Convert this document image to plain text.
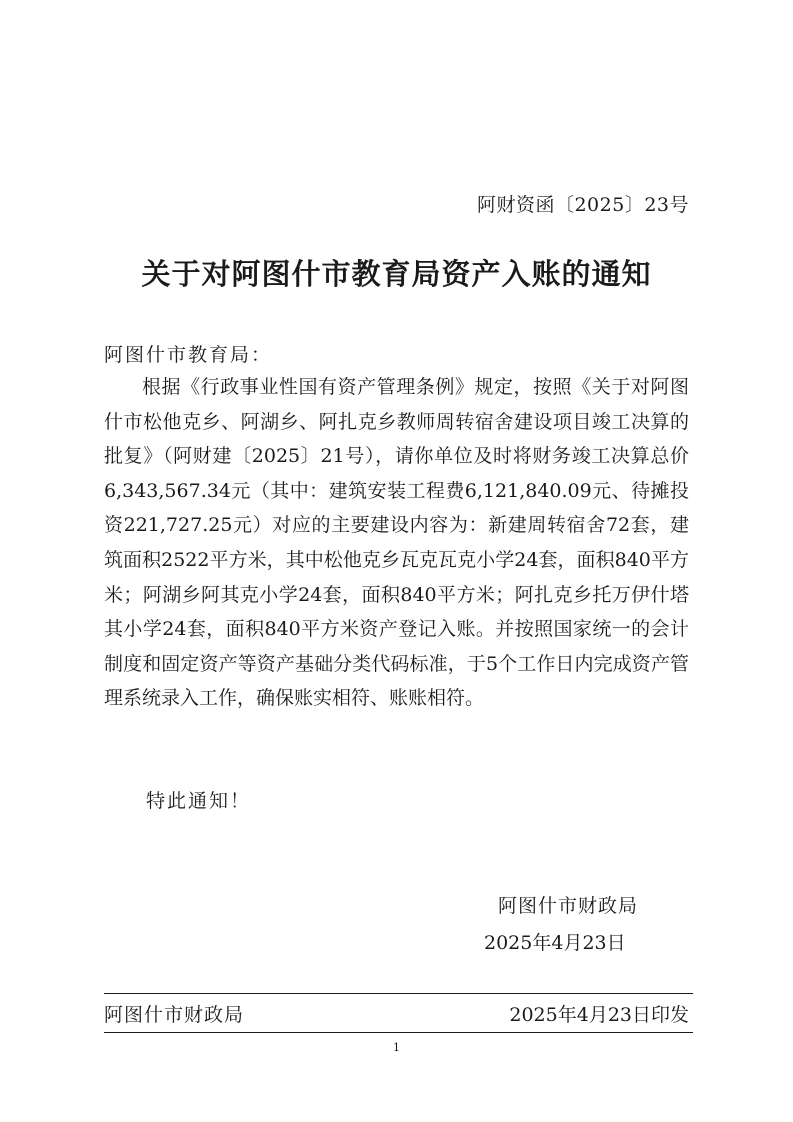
阿财资函〔2025〕23号
关于对阿图什市教育局资产入账的通知
阿图什市教育局：

根据《行政事业性国有资产管理条例》规定，按照《关于对阿图什市松他克乡、阿湖乡、阿扎克乡教师周转宿舍建设项目竣工决算的批复》（阿财建〔2025〕21号），请你单位及时将财务竣工决算总价6,343,567.34元（其中：建筑安装工程费6,121,840.09元、待摊投资221,727.25元）对应的主要建设内容为：新建周转宿舍72套，建筑面积2522平方米，其中松他克乡瓦克瓦克小学24套，面积840平方米；阿湖乡阿其克小学24套，面积840平方米；阿扎克乡托万伊什塔其小学24套，面积840平方米资产登记入账。并按照国家统一的会计制度和固定资产等资产基础分类代码标准，于5个工作日内完成资产管理系统录入工作，确保账实相符、账账相符。

特此通知！
阿图什市财政局
2025年4月23日
阿图什市财政局	2025年4月23日印发
1
